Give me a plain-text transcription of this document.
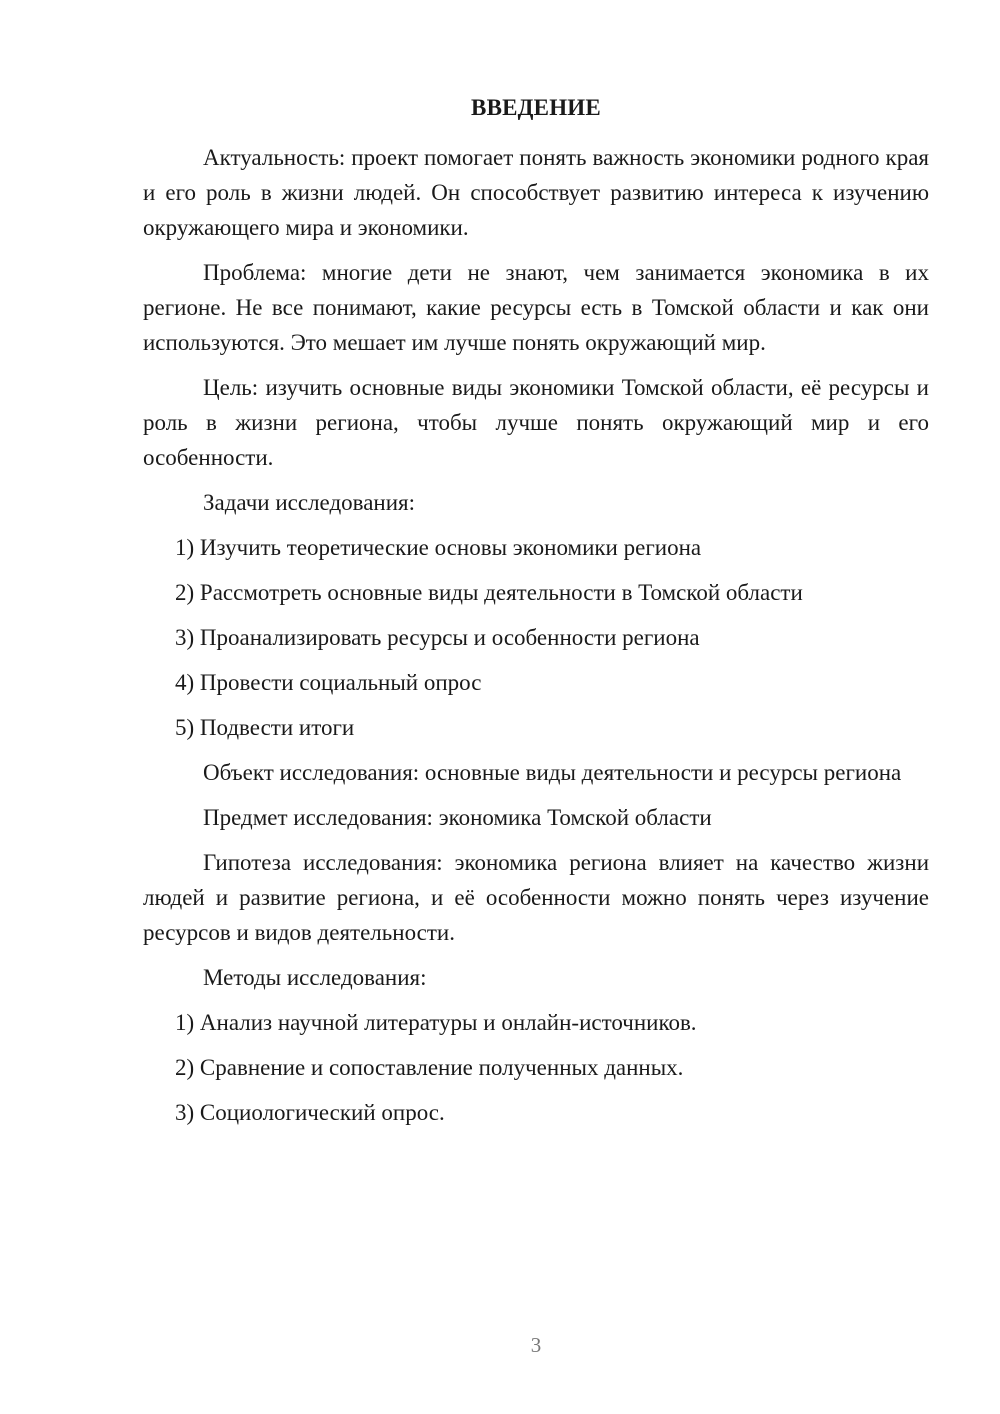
ВВЕДЕНИЕ

Актуальность: проект помогает понять важность экономики родного края и его роль в жизни людей. Он способствует развитию интереса к изучению окружающего мира и экономики.

Проблема: многие дети не знают, чем занимается экономика в их регионе. Не все понимают, какие ресурсы есть в Томской области и как они используются. Это мешает им лучше понять окружающий мир.

Цель: изучить основные виды экономики Томской области, её ресурсы и роль в жизни региона, чтобы лучше понять окружающий мир и его особенности.

Задачи исследования:

1) Изучить теоретические основы экономики региона
2) Рассмотреть основные виды деятельности в Томской области
3) Проанализировать ресурсы и особенности региона
4) Провести социальный опрос
5) Подвести итоги

Объект исследования: основные виды деятельности и ресурсы региона

Предмет исследования: экономика Томской области

Гипотеза исследования: экономика региона влияет на качество жизни людей и развитие региона, и её особенности можно понять через изучение ресурсов и видов деятельности.

Методы исследования:

1) Анализ научной литературы и онлайн-источников.
2) Сравнение и сопоставление полученных данных.
3) Социологический опрос.
3
